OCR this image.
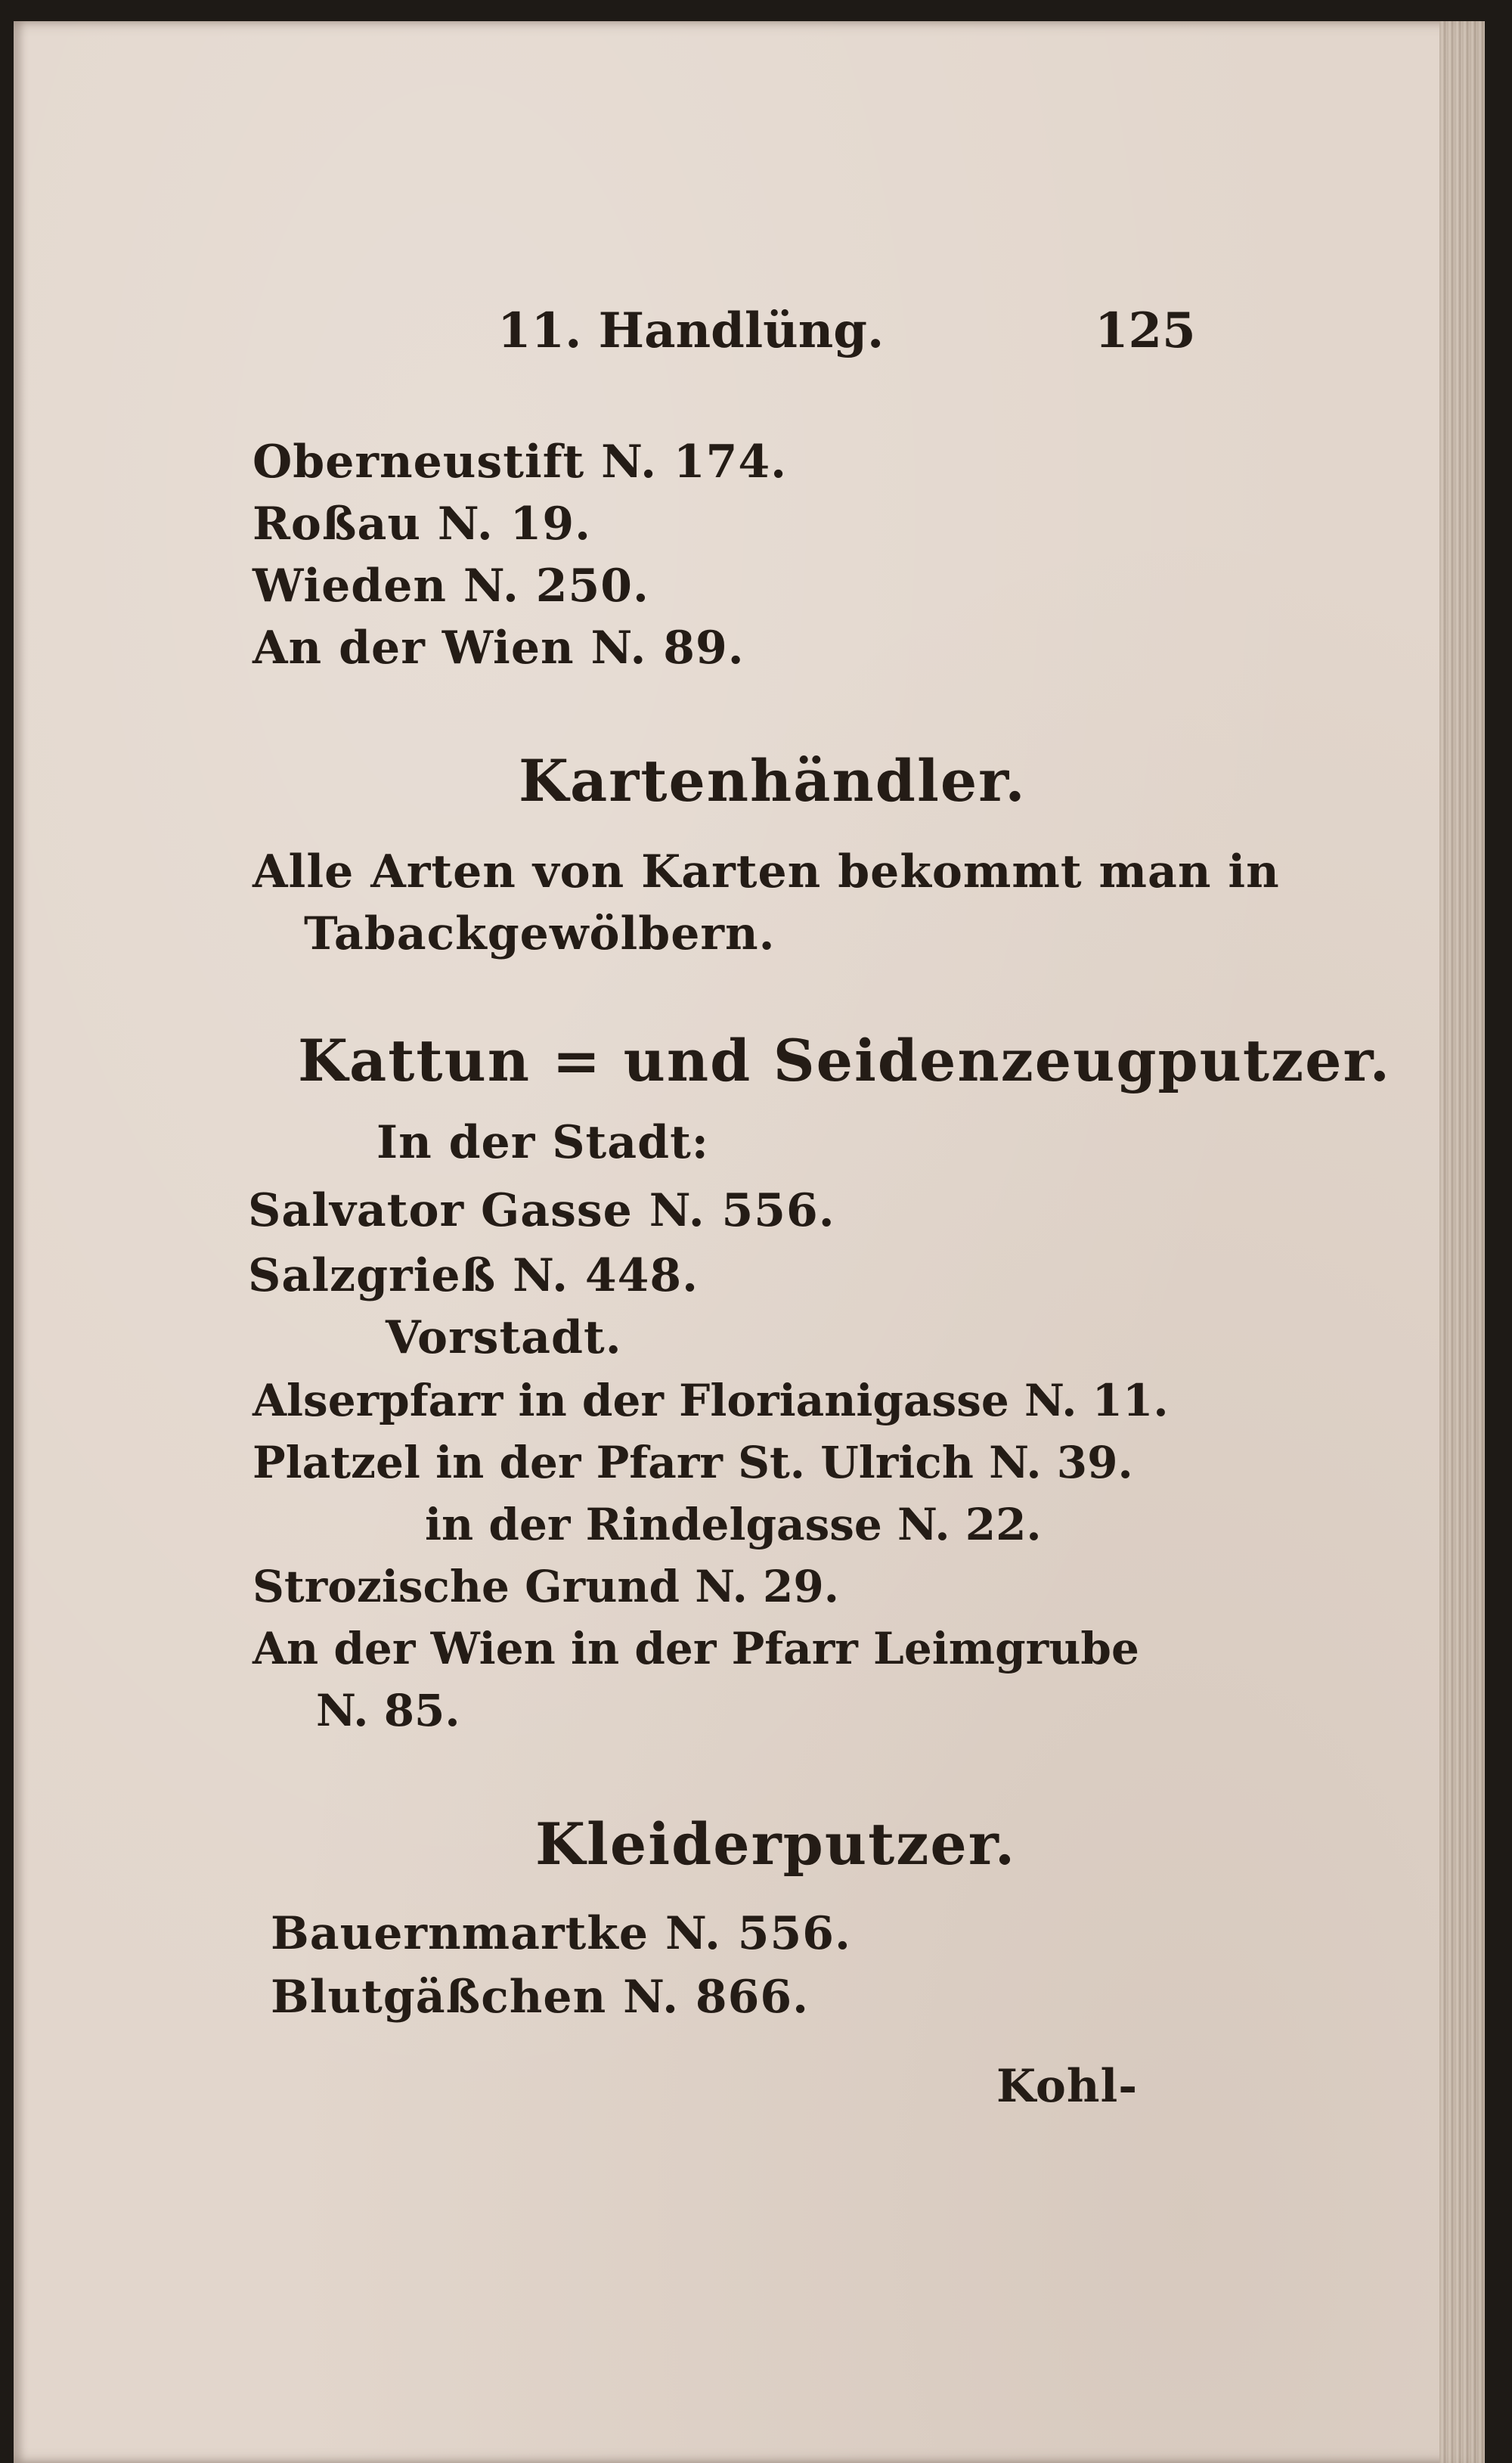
11. Handlüng.	125
Oberneustift N. 174.
Roßau N. 19.
Wieden N. 250.
An der Wien N. 89.
Kartenhändler.
Alle Arten von Karten bekommt man in
Tabackgewölbern.
Kattun = und Seidenzeugputzer.
In der Stadt:
Salvator Gasse N. 556.
Salzgrieß N. 448.
Vorstadt.
Alserpfarr in der Florianigasse N. 11.
Platzel in der Pfarr St. Ulrich N. 39.
in der Rindelgasse N. 22.
Strozische Grund N. 29.
An der Wien in der Pfarr Leimgrube
N. 85.
Kleiderputzer.
Bauernmartke N. 556.
Blutgäßchen N. 866.
Kohl-
